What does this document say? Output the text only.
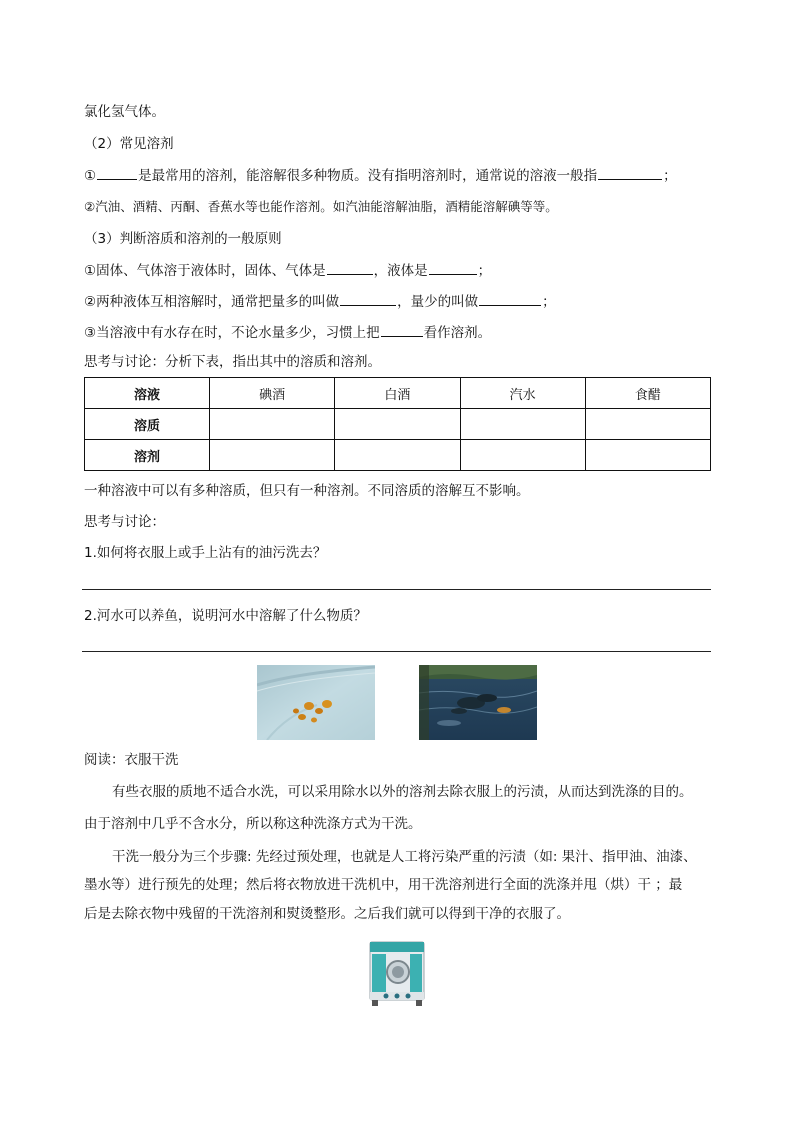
氯化氢气体。
（2）常见溶剂
①	是最常用的溶剂，能溶解很多种物质。没有指明溶剂时，通常说的溶液一般指	；
②汽油、酒精、丙酮、香蕉水等也能作溶剂。如汽油能溶解油脂，酒精能溶解碘等等。
（3）判断溶质和溶剂的一般原则
①固体、气体溶于液体时，固体、气体是	，液体是	；
②两种液体互相溶解时，通常把量多的叫做	，量少的叫做	；
③当溶液中有水存在时，不论水量多少，习惯上把	看作溶剂。
思考与讨论：分析下表，指出其中的溶质和溶剂。
溶液	碘酒	白酒	汽水	食醋
溶质				
溶剂				
一种溶液中可以有多种溶质，但只有一种溶剂。不同溶质的溶解互不影响。
思考与讨论：
1.如何将衣服上或手上沾有的油污洗去？
2.河水可以养鱼，说明河水中溶解了什么物质？
阅读：衣服干洗
有些衣服的质地不适合水洗，可以采用除水以外的溶剂去除衣服上的污渍，从而达到洗涤的目的。
由于溶剂中几乎不含水分，所以称这种洗涤方式为干洗。
干洗一般分为三个步骤: 先经过预处理，也就是人工将污染严重的污渍（如: 果汁、指甲油、油漆、
墨水等）进行预先的处理；然后将衣物放进干洗机中，用干洗溶剂进行全面的洗涤并甩（烘）干 ；最
后是去除衣物中残留的干洗溶剂和熨烫整形。之后我们就可以得到干净的衣服了。
